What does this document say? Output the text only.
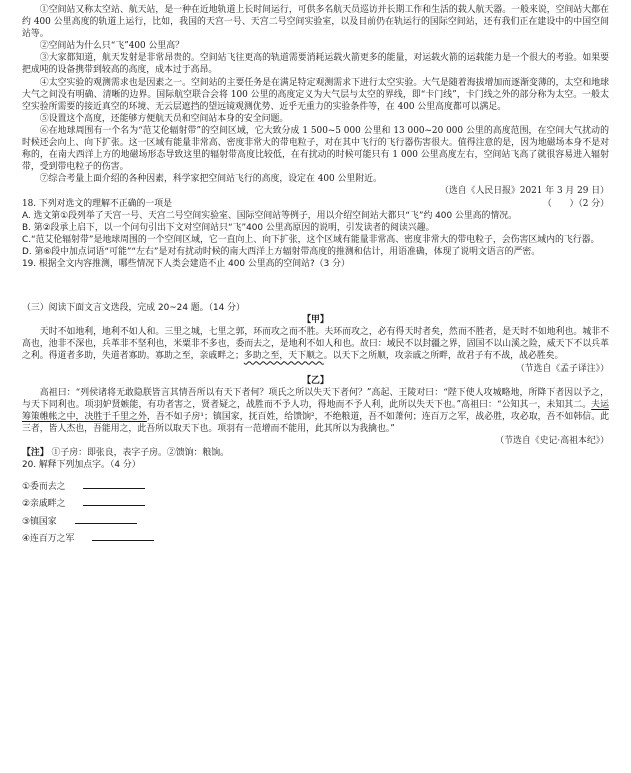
①空间站又称太空站、航天站，是一种在近地轨道上长时间运行，可供多名航天员巡访并长期工作和生活的载人航天器。一般来说，空间站大都在约 400 公里高度的轨道上运行，比如，我国的天宫一号、天宫二号空间实验室，以及目前仍在轨运行的国际空间站，还有我们正在建设中的中国空间站等。

②空间站为什么只“飞”400 公里高？

③大家都知道，航天发射是非常昂贵的。空间站飞往更高的轨道需要消耗运载火箭更多的能量，对运载火箭的运载能力是一个很大的考验。如果要把成吨的设备携带到较高的高度，成本过于高昂。

④太空实验的观测需求也是因素之一。空间站的主要任务是在满足特定观测需求下进行太空实验。大气是随着海拔增加而逐渐变薄的，太空和地球大气之间没有明确、清晰的边界。国际航空联合会将 100 公里的高度定义为大气层与太空的界线，即“卡门线”，卡门线之外的部分称为太空。一般太空实验所需要的接近真空的环境、无云层遮挡的望远镜观测优势、近乎无重力的实验条件等，在 400 公里高度都可以满足。

⑤设置这个高度，还能够方便航天员和空间站本身的安全问题。

⑥在地球周围有一个名为“范艾伦辐射带”的空间区域，它大致分成 1 500~5 000 公里和 13 000~20 000 公里的高度范围，在空间大气扰动的时候还会向上、向下扩张。这一区域有能量非常高、密度非常大的带电粒子，对在其中飞行的飞行器伤害很大。值得注意的是，因为地磁场本身不是对称的，在南大西洋上方的地磁场形态导致这里的辐射带高度比较低，在有扰动的时候可能只有 1 000 公里高度左右，空间站飞高了就很容易进入辐射带，受到带电粒子的伤害。

⑦综合考量上面介绍的各种因素，科学家把空间站飞行的高度，设定在 400 公里附近。

（选自《人民日报》2021 年 3 月 29 日）

18. 下列对选文的理解不正确的一项是	（　　）（2 分）

A. 选文第①段列举了天宫一号、天宫二号空间实验室、国际空间站等例子，用以介绍空间站大都只“飞”约 400 公里高的情况。

B. 第②段承上启下，以一个问句引出下文对空间站只“飞”400 公里高原因的说明，引发读者的阅读兴趣。

C.“范艾伦辐射带”是地球周围的一个空间区域，它一直向上、向下扩张，这个区域有能量非常高、密度非常大的带电粒子，会伤害区域内的飞行器。

D. 第⑥段中加点词语“可能”“左右”是对有扰动时候的南大西洋上方辐射带高度的推测和估计，用语准确，体现了说明文语言的严密。

19. 根据全文内容推测，哪些情况下人类会建造不止 400 公里高的空间站?（3 分）

（三）阅读下面文言文选段，完成 20~24 题。（14 分）

【甲】

天时不如地利，地利不如人和。三里之城，七里之郭，环而攻之而不胜。夫环而攻之，必有得天时者矣，然而不胜者，是天时不如地利也。城非不高也，池非不深也，兵革非不坚利也，米粟非不多也，委而去之，是地利不如人和也。故曰：域民不以封疆之界，固国不以山溪之险，威天下不以兵革之利。得道者多助，失道者寡助。寡助之至，亲戚畔之；多助之至，天下顺之。以天下之所顺，攻亲戚之所畔，故君子有不战，战必胜矣。

（节选自《孟子译注》）

【乙】

高祖曰：“列侯诸将无敢隐朕皆言其情吾所以有天下者何？项氏之所以失天下者何？”高起、王陵对曰：“陛下使人攻城略地，所降下者因以予之，与天下同利也。项羽妒贤嫉能，有功者害之，贤者疑之，战胜而不予人功，得地而不予人利，此所以失天下也。”高祖曰：“公知其一，未知其二。夫运筹策帷帐之中，决胜于千里之外，吾不如子房¹；镇国家，抚百姓，给馈饷²，不绝粮道，吾不如萧何；连百万之军，战必胜，攻必取，吾不如韩信。此三者，皆人杰也，吾能用之，此吾所以取天下也。项羽有一范增而不能用，此其所以为我擒也。”

（节选自《史记·高祖本纪》）

【注】 ①子房：即张良，表字子房。②馈饷：粮饷。

20. 解释下列加点字。（4 分）

①委而去之
②亲戚畔之
③镇国家
④连百万之军
